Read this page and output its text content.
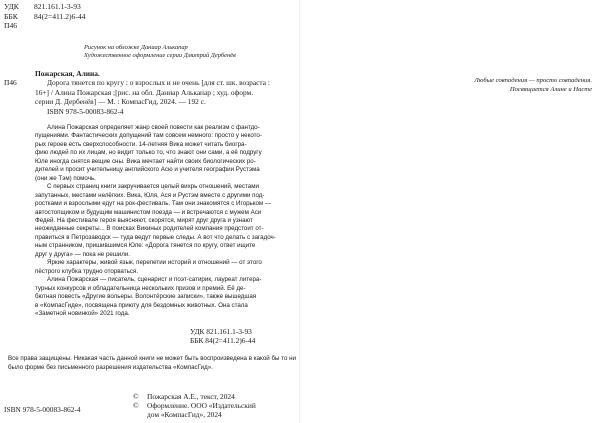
УДК	821.161.1-3-93
ББК	84(2=411.2)6-44
П46
Рисунок на обложке Даниар Алькапар
Художественное оформление серии Дмитрий Дербенёв
П46

Пожарская, Алина.

Дорога тянется по кругу : о взрослых и не очень [для ст. шк. возраста :

16+] / Алина Пожарская ;[рис. на обл. Даниар Алькапар ; худ. оформ.

серии Д. Дербенёв] — М. : КомпасГид, 2024. — 192 с.

ISBN 978-5-00083-862-4

Алина Пожарская определяет жанр своей повести как реализм с фантдо-

пущениями. Фантастических допущений там совсем немного: просто у некото-

рых героев есть сверхспособности. 14-летняя Вика может читать биогра-

фию людей по их лицам, но видит только то, что знают они сами, а её подругу

Юле иногда снятся вещие сны. Вика мечтает найти своих биологических ро-

дителей и просит учительницу английского Асю и учителя географии Рустэма

(они же Тэм) помочь.

С первых страниц книги закручивается целый вихрь отношений, местами

запутанных, местами нелёгких. Вика, Юля, Ася и Рустэм вместе с другими под-

ростками и взрослыми едут на рок-фестиваль. Там они знакомятся с Игорьком —

автостопщиком и будущим машинистом поезда — и встречаются с мужем Аси

Федей. На фестивале героя выясняют, скорятся, мирят друг друга и узнают

неожиданные секреты... В поисках Викиных родителей компания предстоит от-

правиться в Петрозаводск — туда ведут первые следы. А вот что делать с загадоч-

ным странником, пришившимся Юле: «Дорога тянется по кругу, ответ ищите

друг у друга» — пока не решили.

Яркие характеры, живой язык, перепетии историй и отношений — от этого

пёстрого клубка трудно оторваться.

Алина Пожарская — писатель, сценарист и поэт-сатирик, лауреат литера-

турных конкурсов и обладательница нескольких призов и премий. Её де-

бютная повесть «Другие вольеры. Волонтёрские записки», также вышедшая

в «КомпасГиде», посвящена приюту для бездомных животных. Она стала

«Заметной новинкой» 2021 года.

УДК 821.161.1-3-93
ББК 84(2=411.2)6-44
Все права защищены. Никакая часть данной книги не может быть воспроизведена в какой бы то ни было форме без письменного разрешения издательства «КомпасГид».
ISBN 978-5-00083-862-4
©	Пожарская А.Е., текст, 2024
©	Оформление. ООО «Издательский
дом «КомпасГид», 2024
Любые совпадения — просто совпадения.
Посвящается Алине и Насте
